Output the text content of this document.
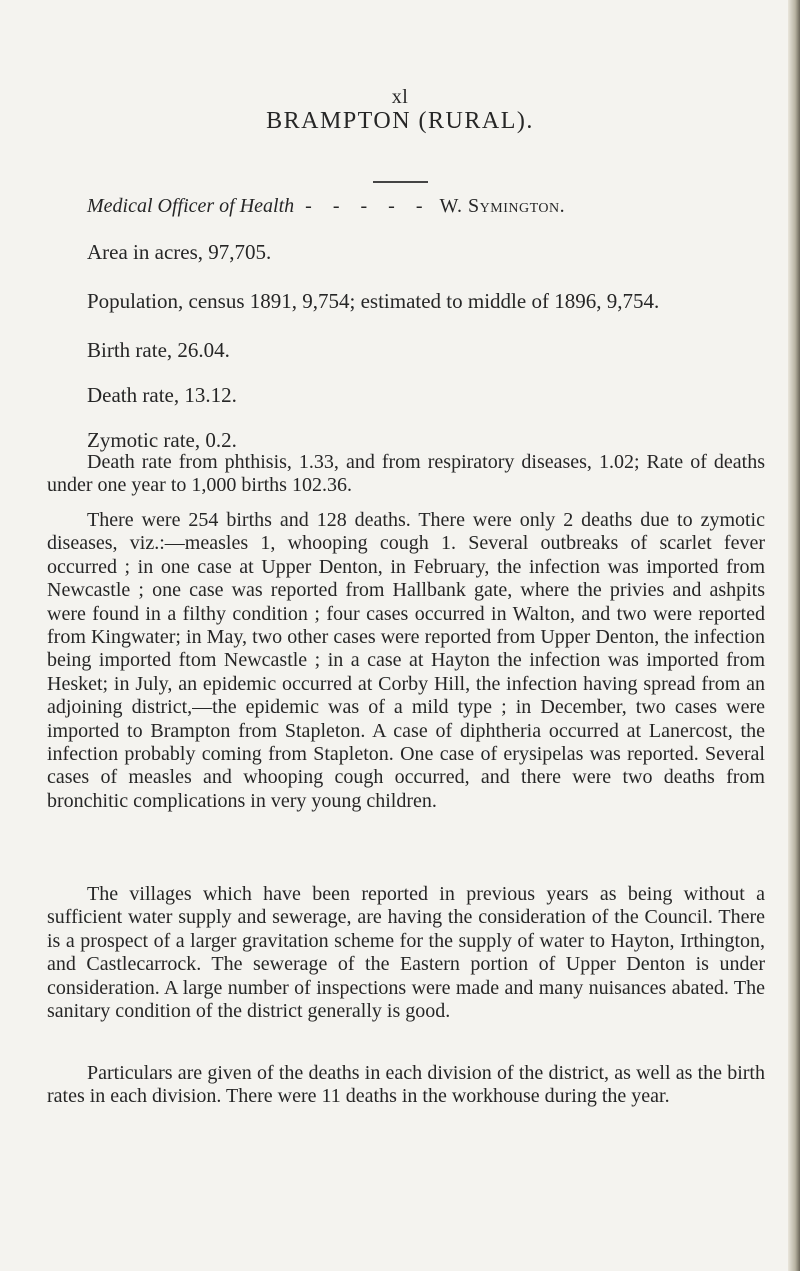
xl
BRAMPTON (RURAL).
Medical Officer of Health - - - - - W. Symington.
Area in acres, 97,705.
Population, census 1891, 9,754; estimated to middle of 1896, 9,754.
Birth rate, 26.04.
Death rate, 13.12.
Zymotic rate, 0.2.

Death rate from phthisis, 1.33, and from respiratory diseases, 1.02; Rate of deaths under one year to 1,000 births 102.36.

There were 254 births and 128 deaths. There were only 2 deaths due to zymotic diseases, viz.:—measles 1, whooping cough 1. Several outbreaks of scarlet fever occurred ; in one case at Upper Denton, in February, the infection was imported from Newcastle ; one case was reported from Hallbank gate, where the privies and ashpits were found in a filthy condition ; four cases occurred in Walton, and two were reported from Kingwater; in May, two other cases were reported from Upper Denton, the infection being imported ftom Newcastle ; in a case at Hayton the infection was imported from Hesket; in July, an epidemic occurred at Corby Hill, the infection having spread from an adjoining district,—the epidemic was of a mild type ; in December, two cases were imported to Brampton from Stapleton. A case of diphtheria occurred at Lanercost, the infection probably coming from Stapleton. One case of erysipelas was reported. Several cases of measles and whooping cough occurred, and there were two deaths from bronchitic complications in very young children.

The villages which have been reported in previous years as being without a sufficient water supply and sewerage, are having the consideration of the Council. There is a prospect of a larger gravitation scheme for the supply of water to Hayton, Irthington, and Castlecarrock. The sewerage of the Eastern portion of Upper Denton is under consideration. A large number of inspections were made and many nuisances abated. The sanitary condition of the district generally is good.

Particulars are given of the deaths in each division of the district, as well as the birth rates in each division. There were 11 deaths in the workhouse during the year.
